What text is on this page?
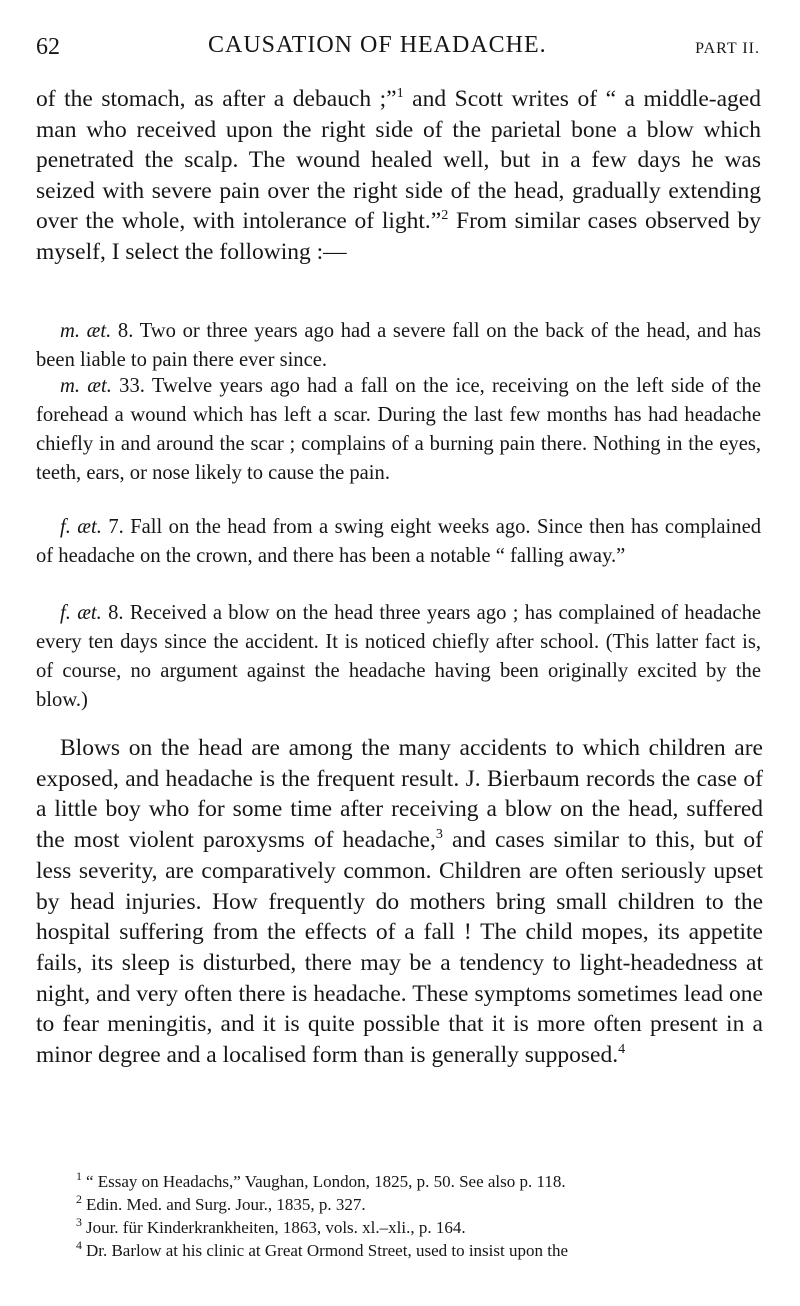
62	CAUSATION OF HEADACHE.	PART II.

of the stomach, as after a debauch ;”$^1$ and Scott writes of “ a middle-aged man who received upon the right side of the parietal bone a blow which penetrated the scalp. The wound healed well, but in a few days he was seized with severe pain over the right side of the head, gradually extending over the whole, with intolerance of light.”$^2$ From similar cases observed by myself, I select the following :—

m. æt. 8. Two or three years ago had a severe fall on the back of the head, and has been liable to pain there ever since.

m. æt. 33. Twelve years ago had a fall on the ice, receiving on the left side of the forehead a wound which has left a scar. During the last few months has had headache chiefly in and around the scar ; complains of a burning pain there. Nothing in the eyes, teeth, ears, or nose likely to cause the pain.

f. æt. 7. Fall on the head from a swing eight weeks ago. Since then has complained of headache on the crown, and there has been a notable “ falling away.”

f. æt. 8. Received a blow on the head three years ago ; has complained of headache every ten days since the accident. It is noticed chiefly after school. (This latter fact is, of course, no argument against the headache having been originally excited by the blow.)

Blows on the head are among the many accidents to which children are exposed, and headache is the frequent result. J. Bierbaum records the case of a little boy who for some time after receiving a blow on the head, suffered the most violent paroxysms of headache,$^3$ and cases similar to this, but of less severity, are comparatively common. Children are often seriously upset by head injuries. How frequently do mothers bring small children to the hospital suffering from the effects of a fall ! The child mopes, its appetite fails, its sleep is disturbed, there may be a tendency to light-headedness at night, and very often there is headache. These symptoms sometimes lead one to fear meningitis, and it is quite possible that it is more often present in a minor degree and a localised form than is generally supposed.$^4$

$^1$ “ Essay on Headachs,” Vaughan, London, 1825, p. 50. See also p. 118.

$^2$ Edin. Med. and Surg. Jour., 1835, p. 327.

$^3$ Jour. für Kinderkrankheiten, 1863, vols. xl.–xli., p. 164.

$^4$ Dr. Barlow at his clinic at Great Ormond Street, used to insist upon the
